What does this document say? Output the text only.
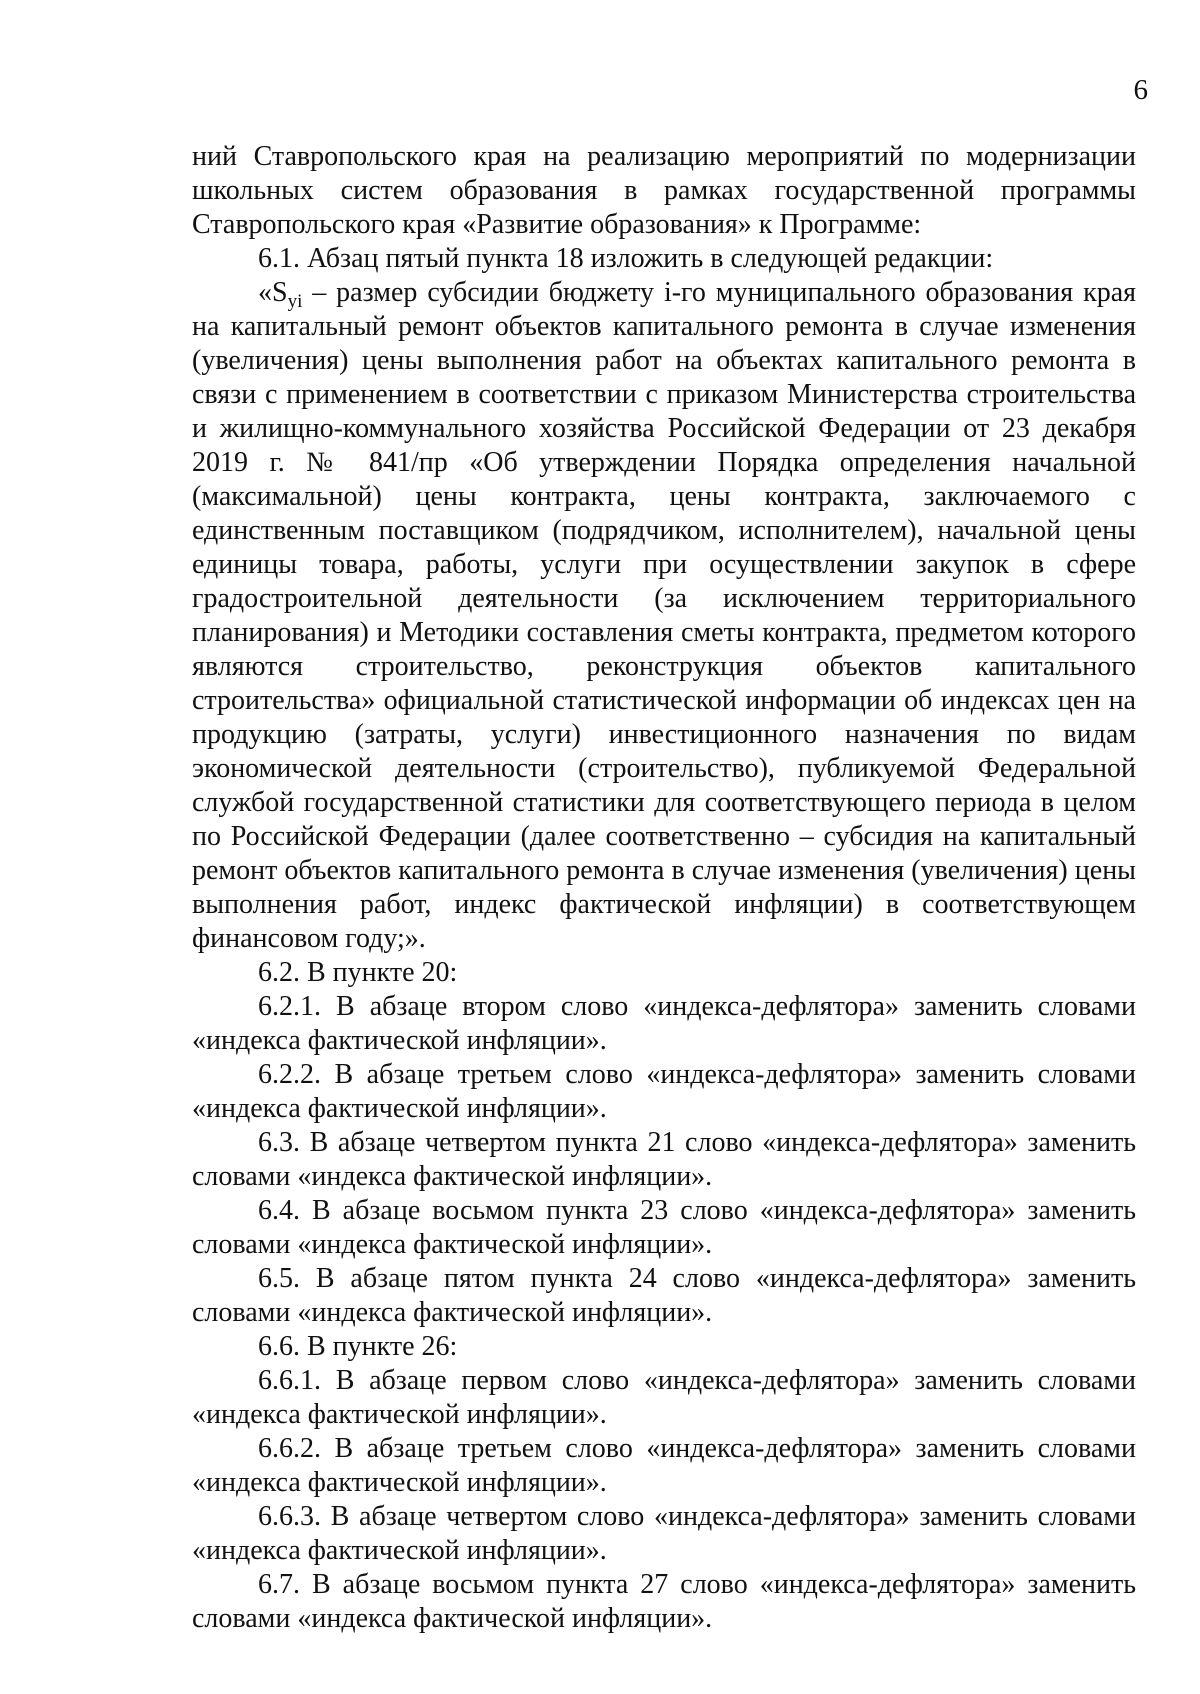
6

ний Ставропольского края на реализацию мероприятий по модернизации школьных систем образования в рамках государственной программы Ставропольского края «Развитие образования» к Программе:

6.1. Абзац пятый пункта 18 изложить в следующей редакции:

«$S_{yi}$ – размер субсидии бюджету i-го муниципального образования края на капитальный ремонт объектов капитального ремонта в случае изменения (увеличения) цены выполнения работ на объектах капитального ремонта в связи с применением в соответствии с приказом Министерства строительства и жилищно-коммунального хозяйства Российской Федерации от 23 декабря 2019 г. № 841/пр «Об утверждении Порядка определения начальной (максимальной) цены контракта, цены контракта, заключаемого с единственным поставщиком (подрядчиком, исполнителем), начальной цены единицы товара, работы, услуги при осуществлении закупок в сфере градостроительной деятельности (за исключением территориального планирования) и Методики составления сметы контракта, предметом которого являются строительство, реконструкция объектов капитального строительства» официальной статистической информации об индексах цен на продукцию (затраты, услуги) инвестиционного назначения по видам экономической деятельности (строительство), публикуемой Федеральной службой государственной статистики для соответствующего периода в целом по Российской Федерации (далее соответственно – субсидия на капитальный ремонт объектов капитального ремонта в случае изменения (увеличения) цены выполнения работ, индекс фактической инфляции) в соответствующем финансовом году;».

6.2. В пункте 20:

6.2.1. В абзаце втором слово «индекса-дефлятора» заменить словами «индекса фактической инфляции».

6.2.2. В абзаце третьем слово «индекса-дефлятора» заменить словами «индекса фактической инфляции».

6.3. В абзаце четвертом пункта 21 слово «индекса-дефлятора» заменить словами «индекса фактической инфляции».

6.4. В абзаце восьмом пункта 23 слово «индекса-дефлятора» заменить словами «индекса фактической инфляции».

6.5. В абзаце пятом пункта 24 слово «индекса-дефлятора» заменить словами «индекса фактической инфляции».

6.6. В пункте 26:

6.6.1. В абзаце первом слово «индекса-дефлятора» заменить словами «индекса фактической инфляции».

6.6.2. В абзаце третьем слово «индекса-дефлятора» заменить словами «индекса фактической инфляции».

6.6.3. В абзаце четвертом слово «индекса-дефлятора» заменить словами «индекса фактической инфляции».

6.7. В абзаце восьмом пункта 27 слово «индекса-дефлятора» заменить словами «индекса фактической инфляции».
